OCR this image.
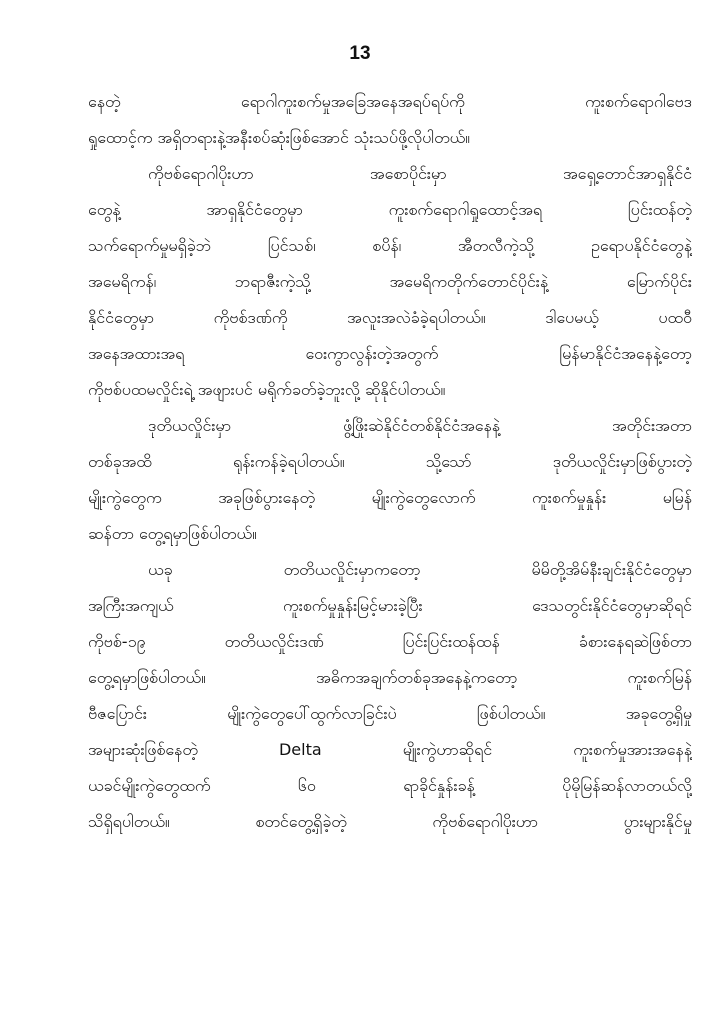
13
နေတဲ့ ရောဂါကူးစက်မှုအခြေအနေအရပ်ရပ်ကို ကူးစက်ရောဂါဗေဒ
ရှုထောင့်က အရှိတရားနဲ့အနီးစပ်ဆုံးဖြစ်အောင် သုံးသပ်ဖို့လိုပါတယ်။
ကိုဗစ်ရောဂါပိုးဟာ အစောပိုင်းမှာ အရှေ့တောင်အာရှနိုင်ငံ
တွေနဲ့ အာရှနိုင်ငံတွေမှာ ကူးစက်ရောဂါရှုထောင့်အရ ပြင်းထန်တဲ့
သက်ရောက်မှုမရှိခဲ့ဘဲ ပြင်သစ်၊ စပိန်၊ အီတလီကဲ့သို့ ဥရောပနိုင်ငံတွေနဲ့
အမေရိကန်၊ ဘရာဇီးကဲ့သို့ အမေရိကတိုက်တောင်ပိုင်းနဲ့ မြောက်ပိုင်း
နိုင်ငံတွေမှာ ကိုဗစ်ဒဏ်ကို အလူးအလဲခံခဲ့ရပါတယ်။ ဒါပေမယ့် ပထဝီ
အနေအထားအရ ဝေးကွာလွန်းတဲ့အတွက် မြန်မာနိုင်ငံအနေနဲ့တော့
ကိုဗစ်ပထမလှိုင်းရဲ့ အဖျားပင် မရိုက်ခတ်ခဲ့ဘူးလို့ ဆိုနိုင်ပါတယ်။
ဒုတိယလှိုင်းမှာ ဖွံ့ဖြိုးဆဲနိုင်ငံတစ်နိုင်ငံအနေနဲ့ အတိုင်းအတာ
တစ်ခုအထိ ရုန်းကန်ခဲ့ရပါတယ်။ သို့သော် ဒုတိယလှိုင်းမှာဖြစ်ပွားတဲ့
မျိုးကွဲတွေက အခုဖြစ်ပွားနေတဲ့ မျိုးကွဲတွေလောက် ကူးစက်မှုနှုန်း မမြန်
ဆန်တာ တွေ့ရမှာဖြစ်ပါတယ်။
ယခု တတိယလှိုင်းမှာကတော့ မိမိတို့အိမ်နီးချင်းနိုင်ငံတွေမှာ
အကြီးအကျယ် ကူးစက်မှုနှုန်းမြင့်မားခဲ့ပြီး ဒေသတွင်းနိုင်ငံတွေမှာဆိုရင်
ကိုဗစ်-၁၉ တတိယလှိုင်းဒဏ် ပြင်းပြင်းထန်ထန် ခံစားနေရဆဲဖြစ်တာ
တွေ့ရမှာဖြစ်ပါတယ်။ အဓိကအချက်တစ်ခုအနေနဲ့ကတော့ ကူးစက်မြန်
ဗီဇပြောင်း မျိုးကွဲတွေပေါ်ထွက်လာခြင်းပဲ ဖြစ်ပါတယ်။ အခုတွေ့ရှိမှု
အများဆုံးဖြစ်နေတဲ့ Delta မျိုးကွဲဟာဆိုရင် ကူးစက်မှုအားအနေနဲ့
ယခင်မျိုးကွဲတွေထက် ၆၀ ရာခိုင်နှုန်းခန့် ပိုမိုမြန်ဆန်လာတယ်လို့
သိရှိရပါတယ်။ စတင်တွေ့ရှိခဲ့တဲ့ ကိုဗစ်ရောဂါပိုးဟာ ပွားများနိုင်မှု
